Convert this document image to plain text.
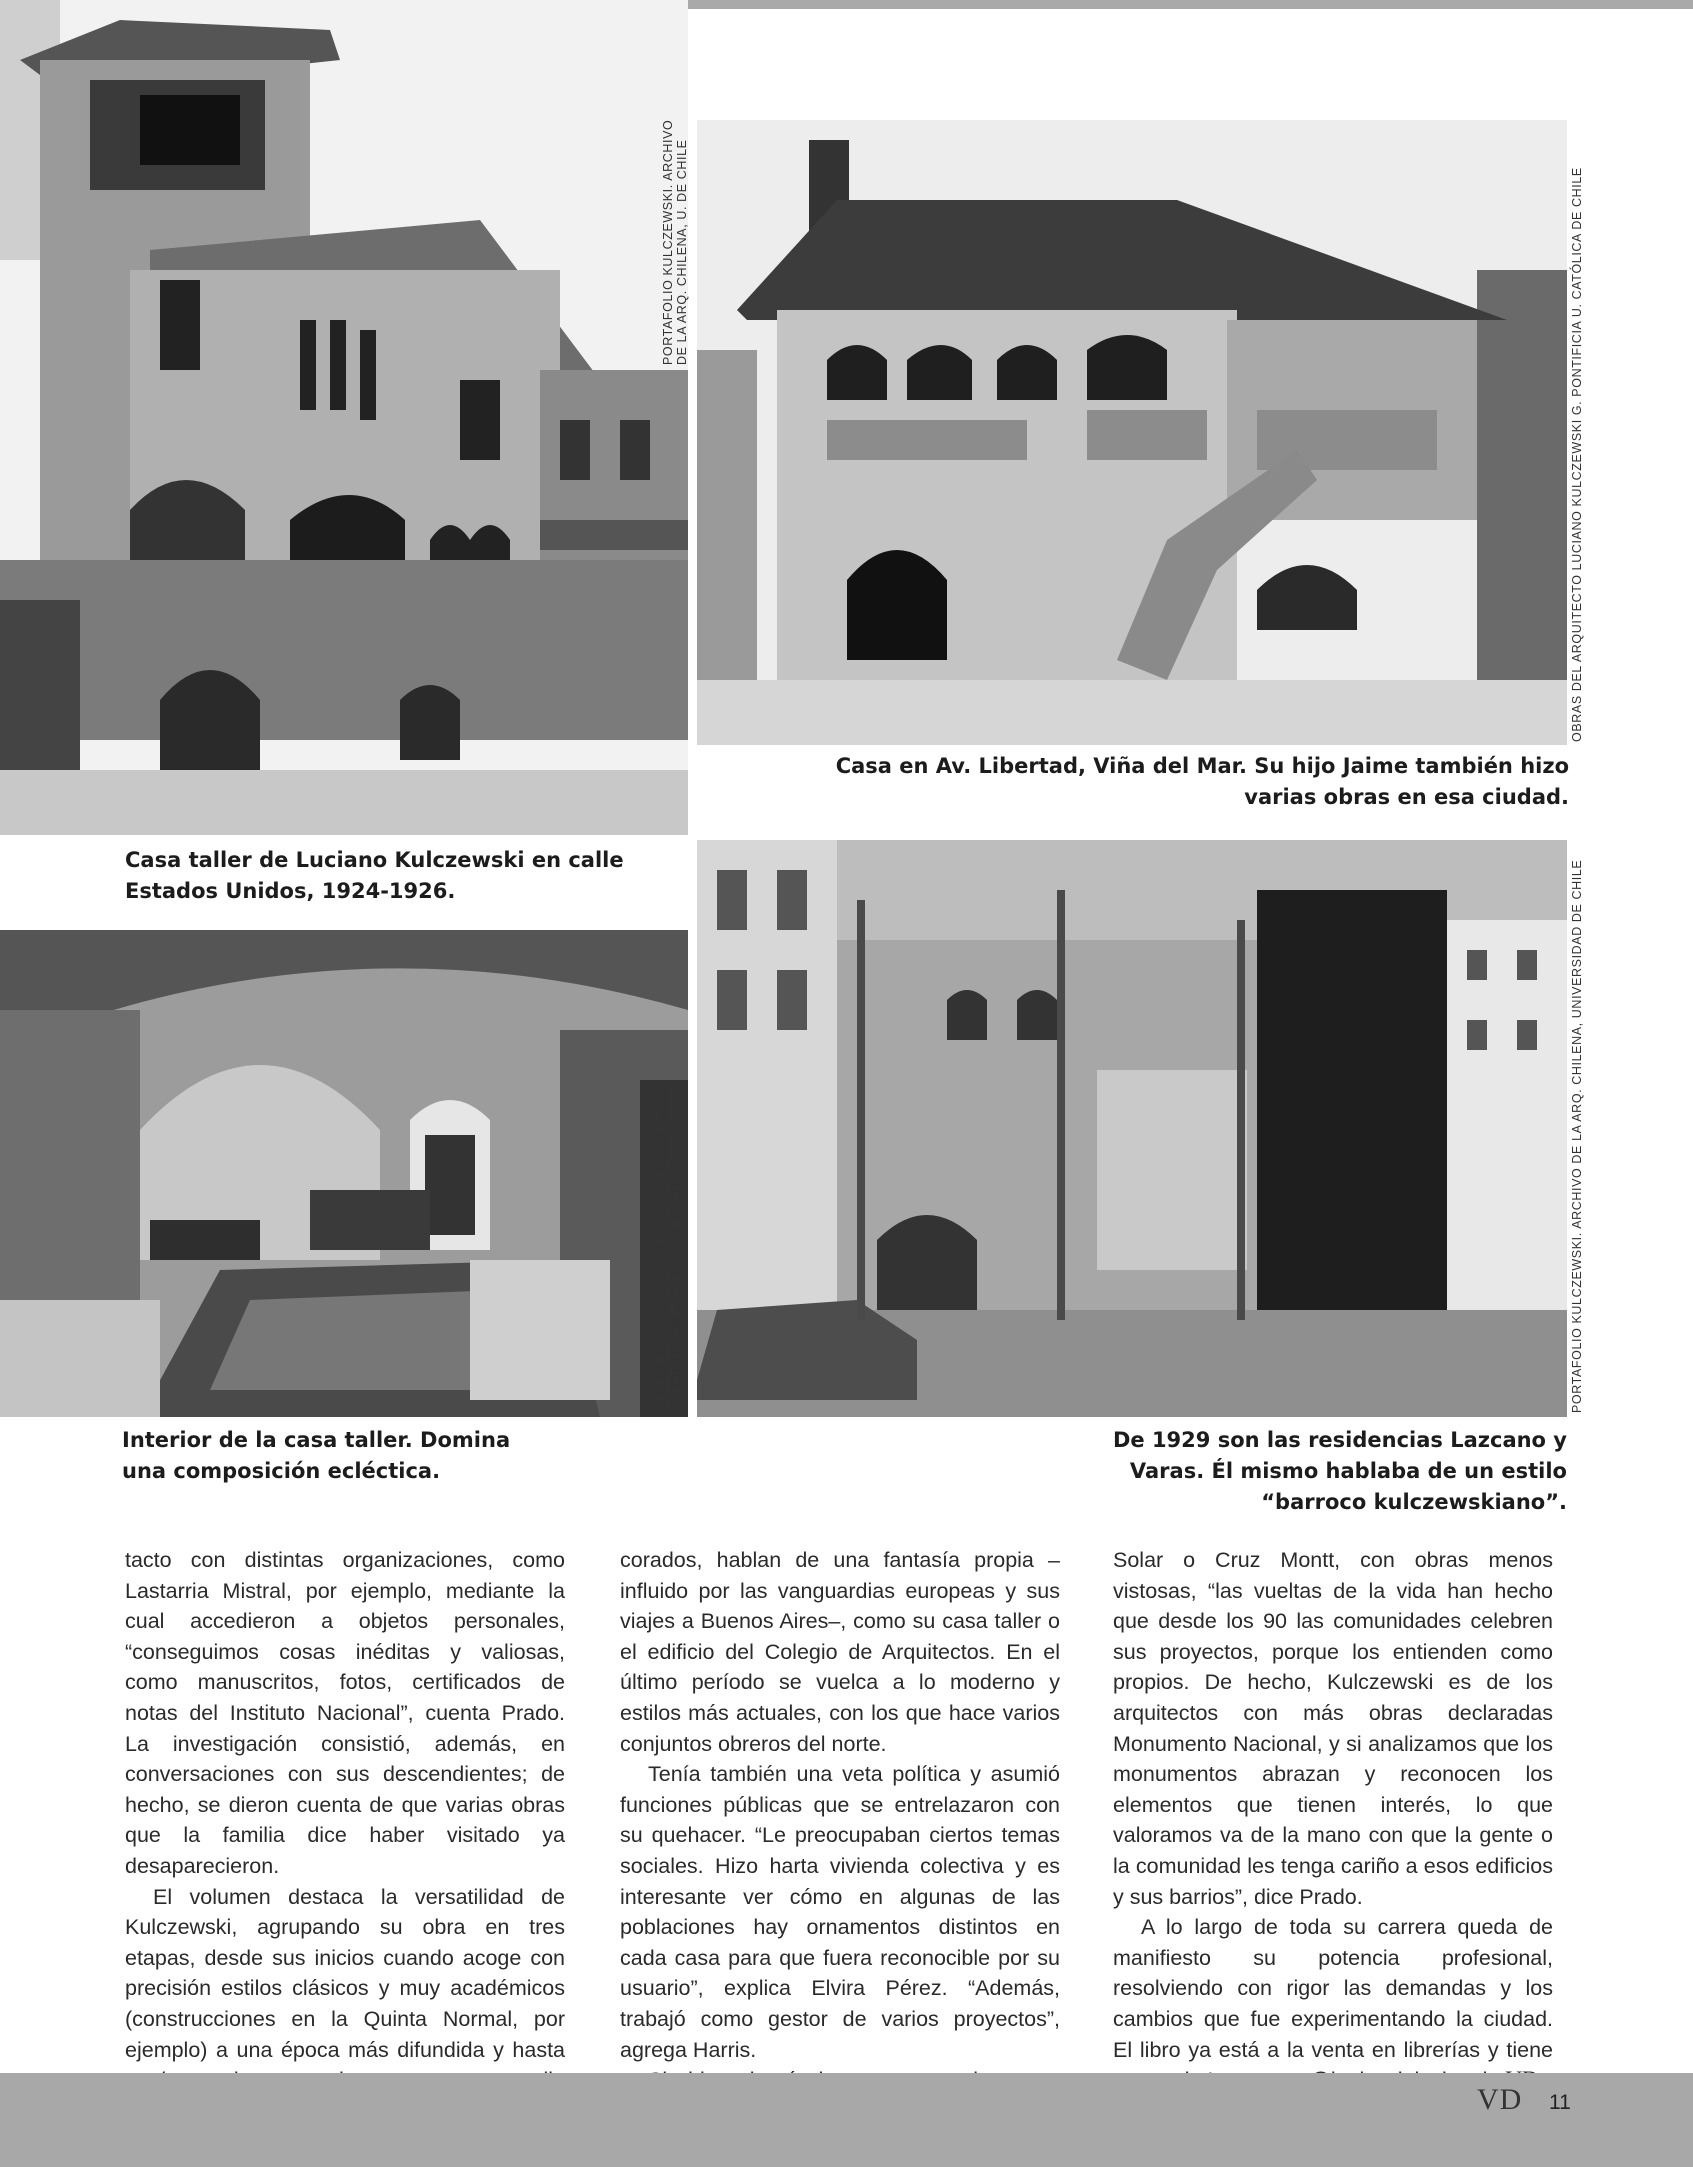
PORTAFOLIO KULCZEWSKI. ARCHIVO DE LA ARQ. CHILENA, U. DE CHILE
Casa taller de Luciano Kulczewski en calle
Estados Unidos, 1924-1926.
OBRAS DEL ARQUITECTO LUCIANO KULCZEWSKI G. PONTIFICIA U. CATÓLICA DE CHILE
Casa en Av. Libertad, Viña del Mar. Su hijo Jaime también hizo
varias obras en esa ciudad.
OBRAS DEL ARQUITECTO LUCIANO KULCZEWSKI G. PONTIFICIA U. CATÓLICA DE CHILE
Interior de la casa taller. Domina
una composición ecléctica.
PORTAFOLIO KULCZEWSKI. ARCHIVO DE LA ARQ. CHILENA, UNIVERSIDAD DE CHILE
De 1929 son las residencias Lazcano y
Varas. Él mismo hablaba de un estilo
“barroco kulczewskiano”.

tacto con distintas organizaciones, como Lastarria Mistral, por ejemplo, mediante la cual accedieron a objetos personales, “conseguimos cosas inéditas y valiosas, como manuscritos, fotos, certificados de notas del Instituto Nacional”, cuenta Prado. La investigación consistió, además, en conversaciones con sus descendientes; de hecho, se dieron cuenta de que varias obras que la familia dice haber visitado ya desaparecieron.

El volumen destaca la versatilidad de Kulczewski, agrupando su obra en tres etapas, desde sus inicios cuando acoge con precisión estilos clásicos y muy académicos (construcciones en la Quinta Normal, por ejemplo) a una época más difundida y hasta

corados, hablan de una fantasía propia –influido por las vanguardias europeas y sus viajes a Buenos Aires–, como su casa taller o el edificio del Colegio de Arquitectos. En el último período se vuelca a lo moderno y estilos más actuales, con los que hace varios conjuntos obreros del norte.

Tenía también una veta política y asumió funciones públicas que se entrelazaron con su quehacer. “Le preocupaban ciertos temas sociales. Hizo harta vivienda colectiva y es interesante ver cómo en algunas de las poblaciones hay ornamentos distintos en cada casa para que fuera reconocible por su usuario”, explica Elvira Pérez. “Además, trabajó como gestor de varios proyectos”, agrega Harris.

Solar o Cruz Montt, con obras menos vistosas, “las vueltas de la vida han hecho que desde los 90 las comunidades celebren sus proyectos, porque los entienden como propios. De hecho, Kulczewski es de los arquitectos con más obras declaradas Monumento Nacional, y si analizamos que los monumentos abrazan y reconocen los elementos que tienen interés, lo que valoramos va de la mano con que la gente o la comunidad les tenga cariño a esos edificios y sus barrios”, dice Prado.

A lo largo de toda su carrera queda de manifiesto su potencia profesional, resolviendo con rigor las demandas y los cambios que fue experimentando la ciudad. El libro ya está a la venta en librerías y tiene

VD 11
